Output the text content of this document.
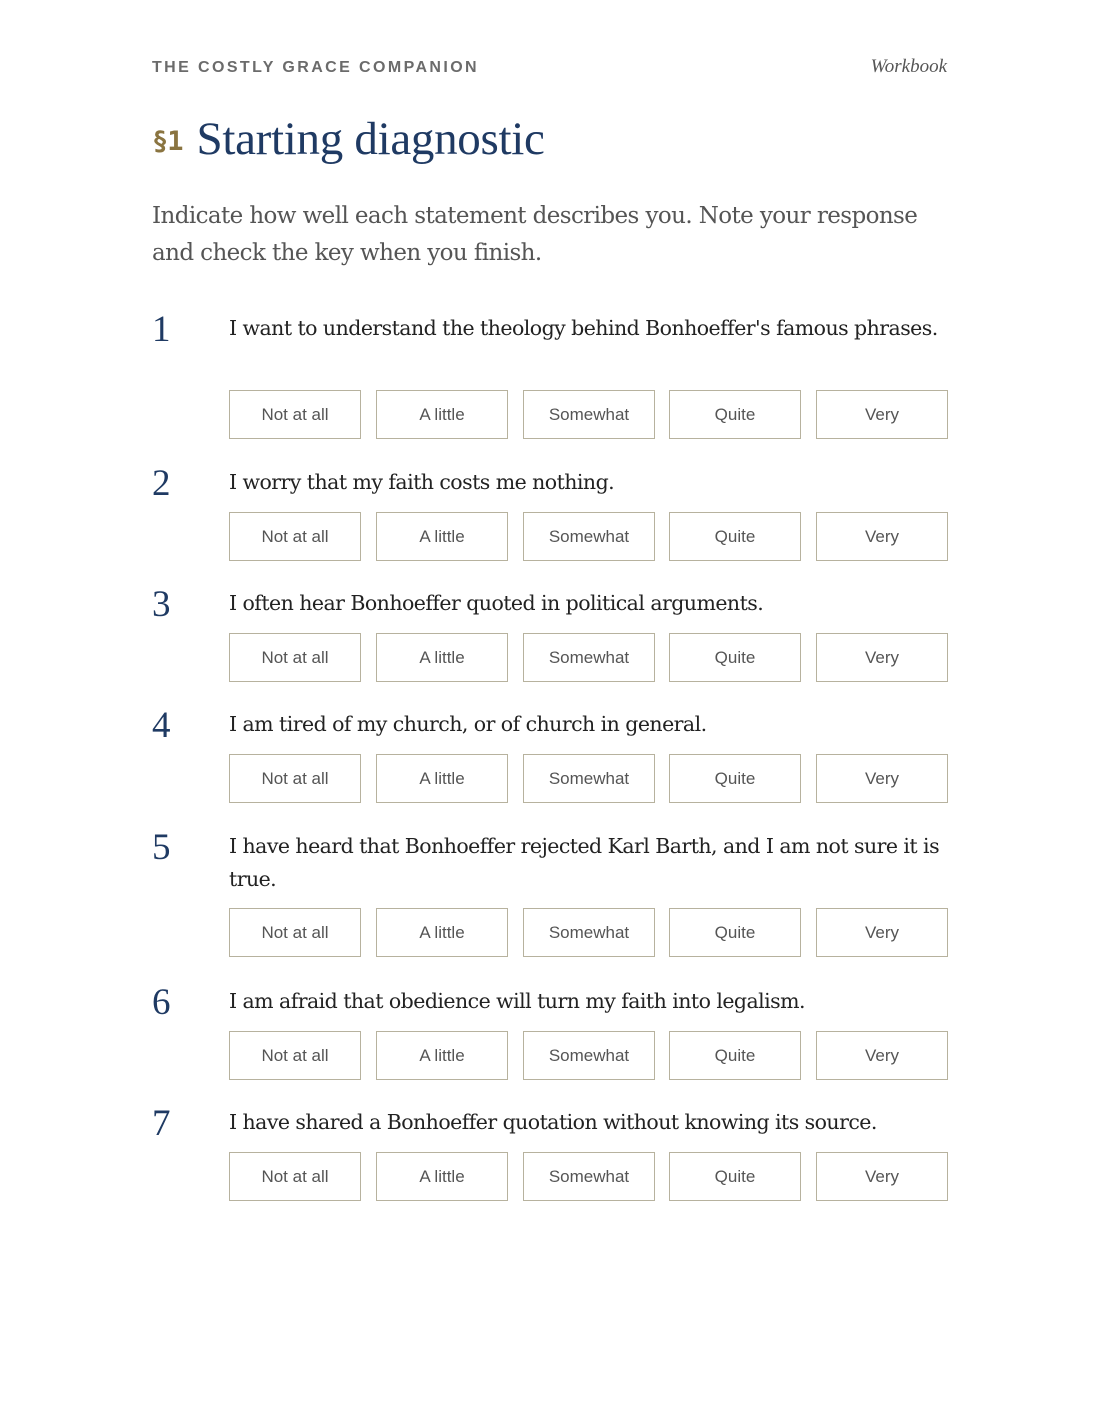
THE COSTLY GRACE COMPANION	Workbook
§1 Starting diagnostic
Indicate how well each statement describes you. Note your response and check the key when you finish.
1	I want to understand the theology behind Bonhoeffer's famous phrases.
Not at all	A little	Somewhat	Quite	Very
2	I worry that my faith costs me nothing.
Not at all	A little	Somewhat	Quite	Very
3	I often hear Bonhoeffer quoted in political arguments.
Not at all	A little	Somewhat	Quite	Very
4	I am tired of my church, or of church in general.
Not at all	A little	Somewhat	Quite	Very
5	I have heard that Bonhoeffer rejected Karl Barth, and I am not sure it is true.
Not at all	A little	Somewhat	Quite	Very
6	I am afraid that obedience will turn my faith into legalism.
Not at all	A little	Somewhat	Quite	Very
7	I have shared a Bonhoeffer quotation without knowing its source.
Not at all	A little	Somewhat	Quite	Very
